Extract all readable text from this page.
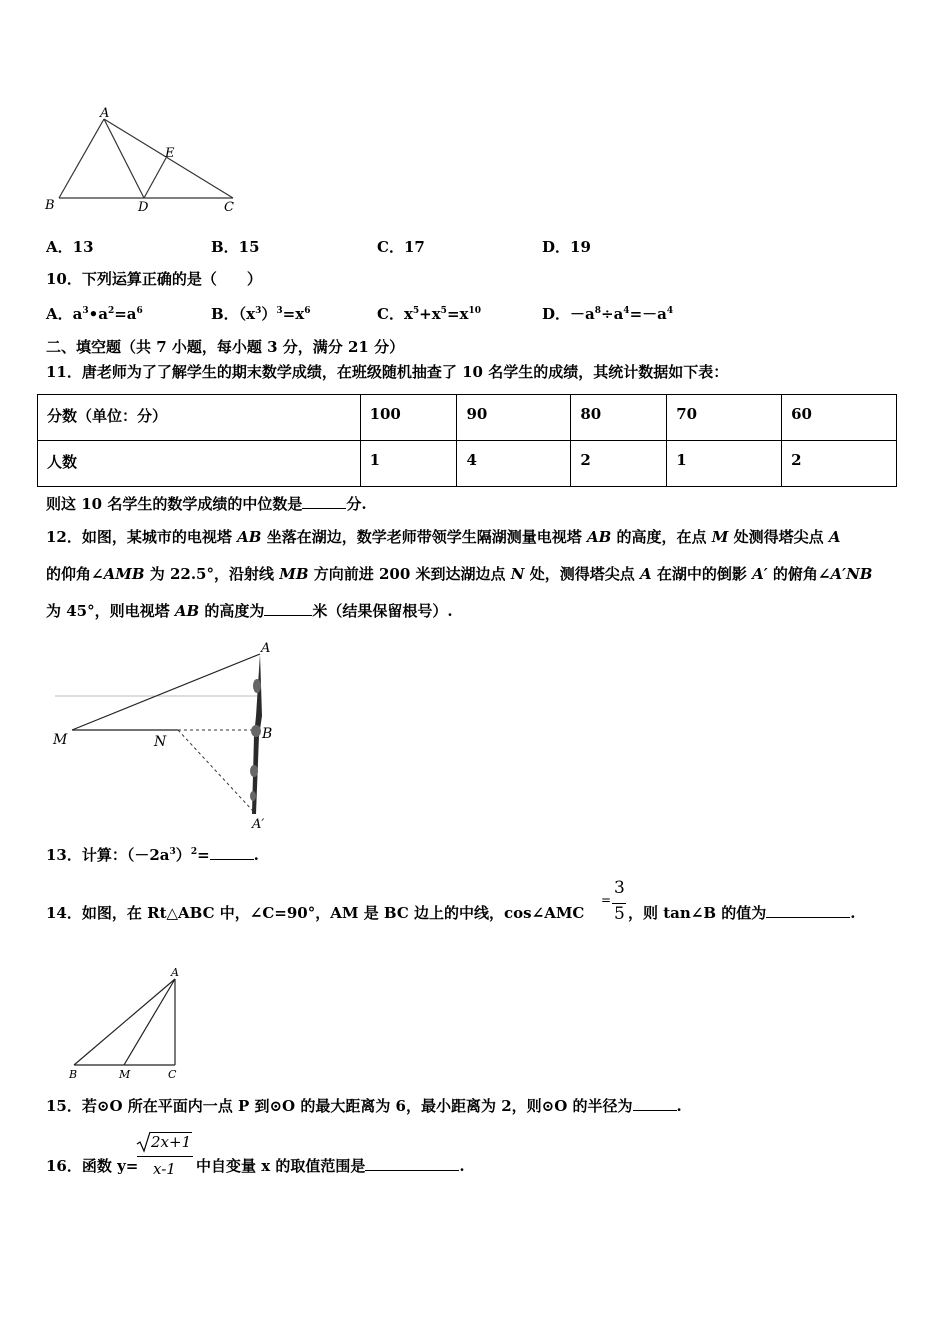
A
E
B	D	C
A．13	B．15	C．17	D．19
10．下列运算正确的是（　　）
A．$a^3•a^2=a^6$	B．$(x^3)^3=x^6$	C．$x^5+x^5=x^{10}$	D．$-a^8\div a^4=-a^4$
二、填空题（共 7 小题，每小题 3 分，满分 21 分）
11．唐老师为了了解学生的期末数学成绩，在班级随机抽查了 10 名学生的成绩，其统计数据如下表：
分数（单位：分）	100	90	80	70	60
人数	1	4	2	1	2
则这 10 名学生的数学成绩的中位数是	分.
12．如图，某城市的电视塔 AB 坐落在湖边，数学老师带领学生隔湖测量电视塔 AB 的高度，在点 M 处测得塔尖点 A
的仰角∠AMB 为 22.5°，沿射线 MB 方向前进 200 米到达湖边点 N 处，测得塔尖点 A 在湖中的倒影 A′ 的俯角∠A′NB
为 45°，则电视塔 AB 的高度为	米（结果保留根号）.
A
M	N	B
A′
13．计算：$(-2a^3)^2=$	.
14．如图，在 Rt△ABC 中，∠C=90°，AM 是 BC 边上的中线，cos∠AMC
=
3
5 ，则 tan∠B 的值为	.
A
B	M	C
15．若⊙O 所在平面内一点 P 到⊙O 的最大距离为 6，最小距离为 2，则⊙O 的半径为	.
16．函数 y=
2x+1
x-1 中自变量 x 的取值范围是	.
